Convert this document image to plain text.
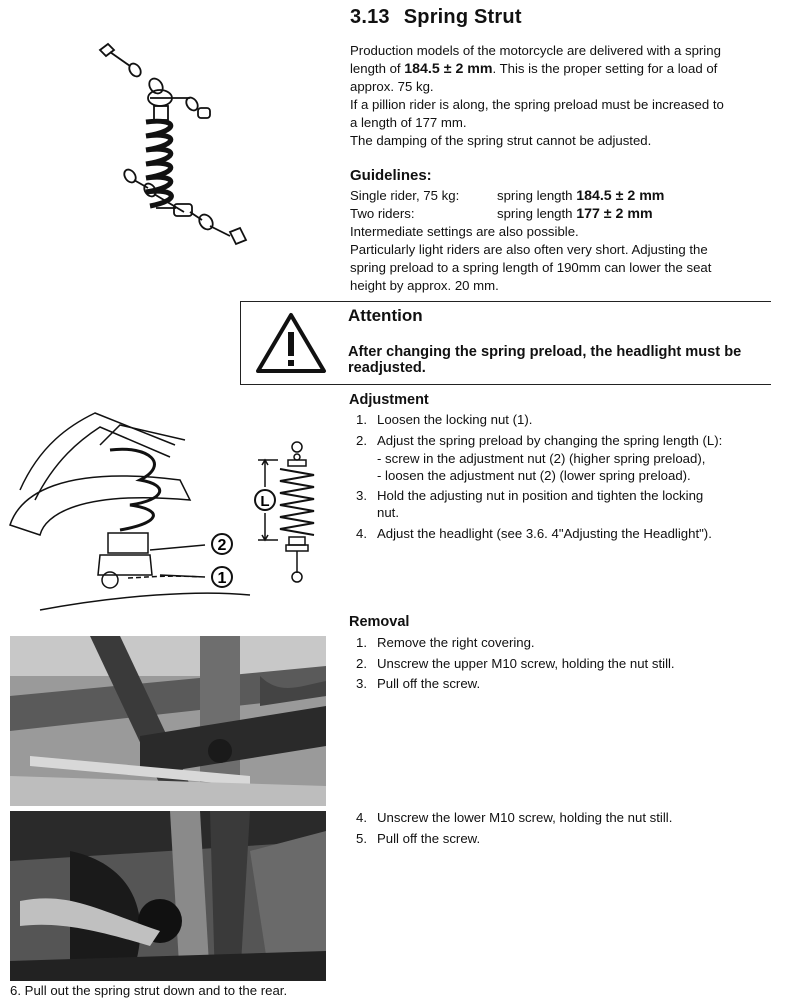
3.13 Spring Strut
Production models of the motorcycle are delivered with a spring
length of 184.5 ± 2 mm. This is the proper setting for a load of
approx. 75 kg.
If a pillion rider is along, the spring preload must be increased to
a length of 177 mm.
The damping of the spring strut cannot be adjusted.
Guidelines:
Single rider, 75 kg:	spring length 184.5 ± 2 mm
Two riders:	spring length 177 ± 2 mm
Intermediate settings are also possible.
Particularly light riders are also often very short. Adjusting the
spring preload to a spring length of 190mm can lower the seat
height by approx. 20 mm.
Attention
After changing the spring preload, the headlight must be readjusted.
Adjustment
1. Loosen the locking nut (1).
2. Adjust the spring preload by changing the spring length (L):
- screw in the adjustment nut (2) (higher spring preload),
- loosen the adjustment nut (2) (lower spring preload).
3. Hold the adjusting nut in position and tighten the locking
nut.
4. Adjust the headlight (see 3.6. 4"Adjusting the Headlight").
2
1
L
Removal
1. Remove the right covering.
2. Unscrew the upper M10 screw, holding the nut still.
3. Pull off the screw.
4. Unscrew the lower M10 screw, holding the nut still.
5. Pull off the screw.
6. Pull out the spring strut down and to the rear.
